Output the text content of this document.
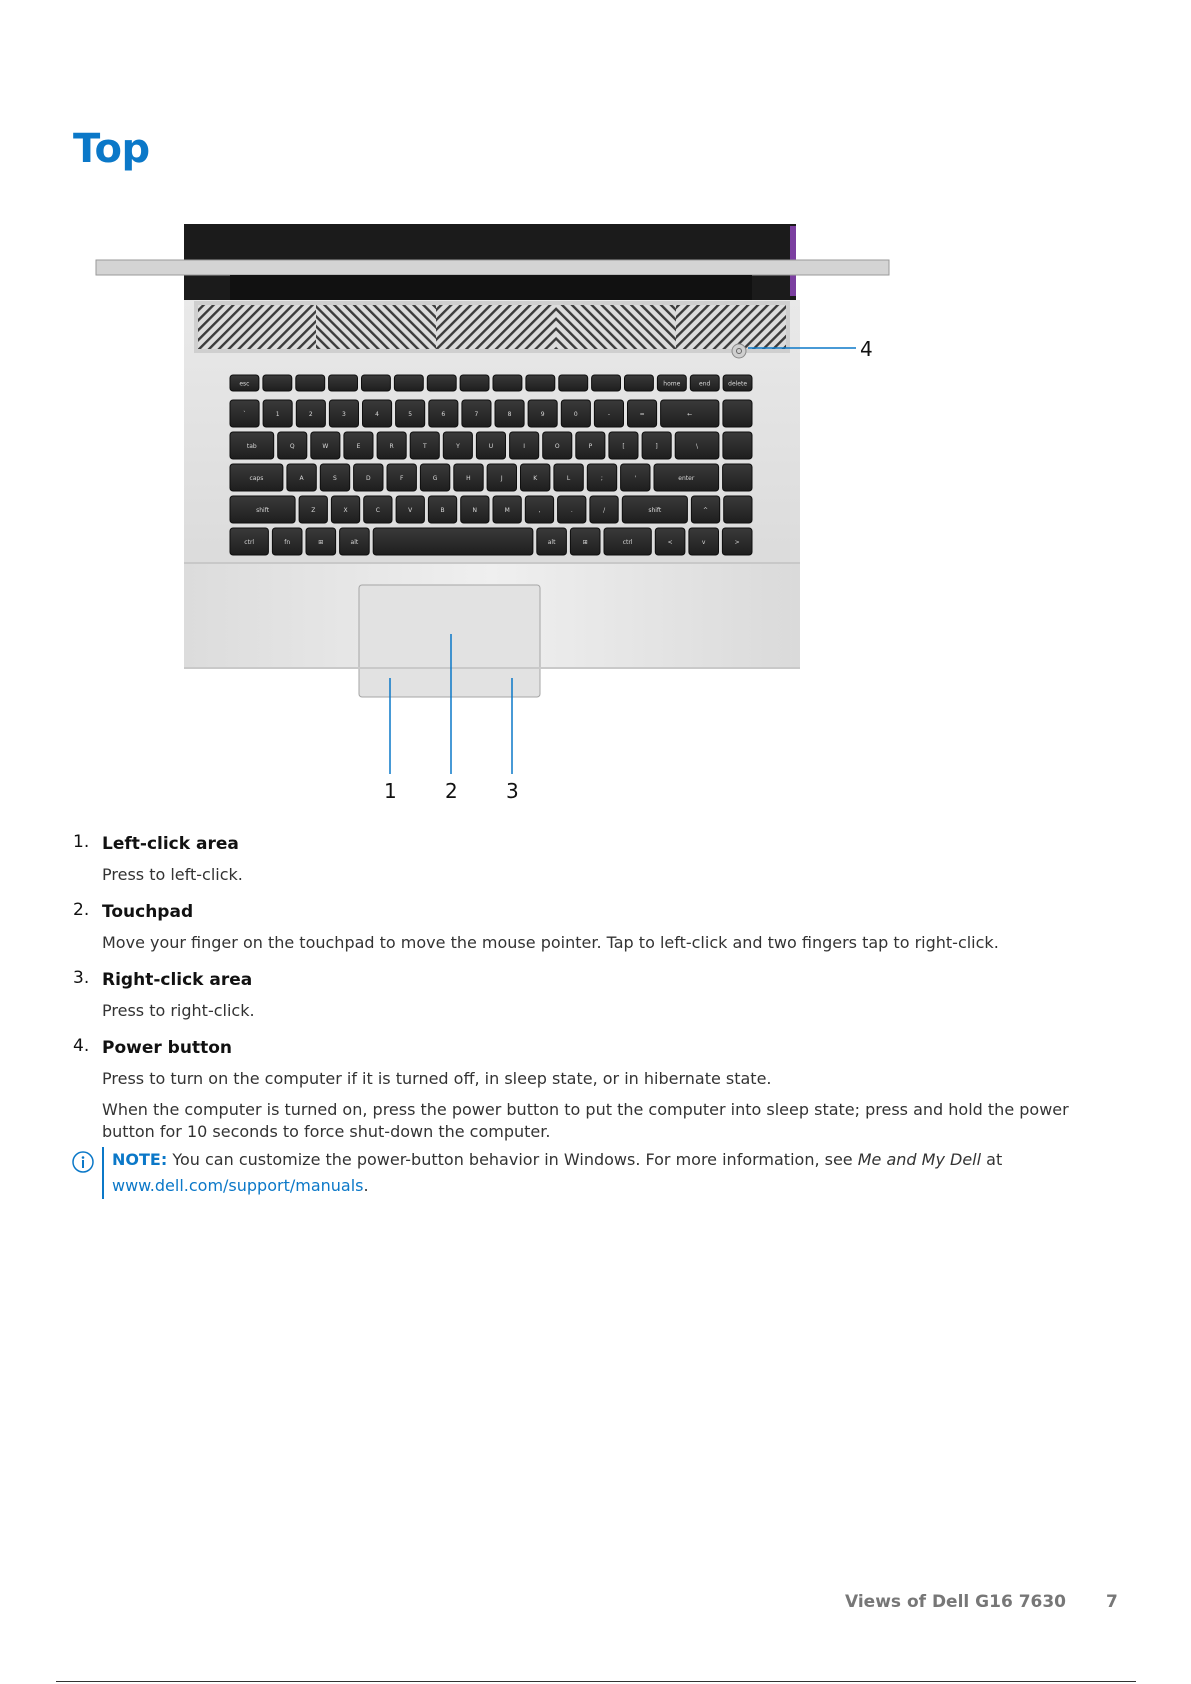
Top
esc	home	end	delete
`	1	2	3	4	5	6	7	8	9	0	-	=	←
tab	Q	W	E	R	T	Y	U	I	O	P	[	]	\
caps	A	S	D	F	G	H	J	K	L	;	'	enter
shift	Z	X	C	V	B	N	M	,	.	/	shift	^
ctrl	fn	⊞	alt	alt	⊞	ctrl	<	v	>
1 2 3
4
1. Left-click area

Press to left-click.

2. Touchpad

Move your finger on the touchpad to move the mouse pointer. Tap to left-click and two fingers tap to right-click.

3. Right-click area

Press to right-click.

4. Power button

Press to turn on the computer if it is turned off, in sleep state, or in hibernate state.

When the computer is turned on, press the power button to put the computer into sleep state; press and hold the power button for 10 seconds to force shut-down the computer.

NOTE: You can customize the power-button behavior in Windows. For more information, see Me and My Dell at
www.dell.com/support/manuals.
Views of Dell G16 7630 7
